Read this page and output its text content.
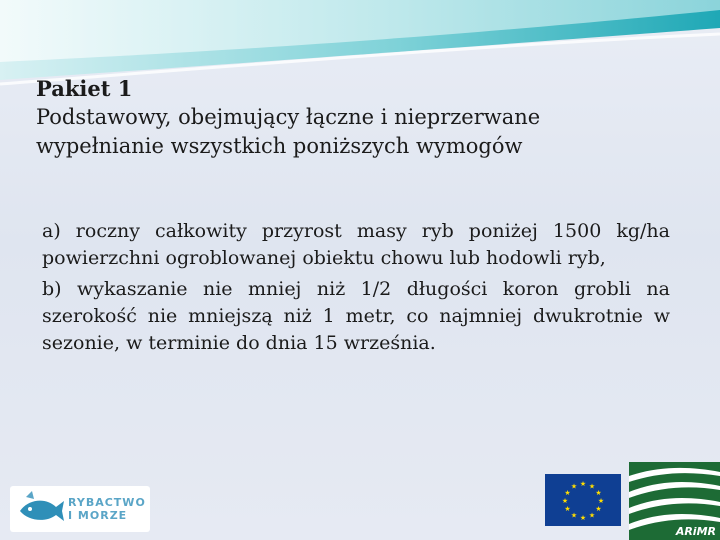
Pakiet 1
Podstawowy, obejmujący łączne i nieprzerwane
wypełnianie wszystkich poniższych wymogów

a) roczny całkowity przyrost masy ryb poniżej 1500 kg/ha powierzchni ogroblowanej obiektu chowu lub hodowli ryb,

b) wykaszanie nie mniej niż 1/2 długości koron grobli na szerokość nie mniejszą niż 1 metr, co najmniej dwukrotnie w sezonie, w terminie do dnia 15 września.

RYBACTWO
I MORZE
★ ★
★
★
★
★
★
★
★
★
★
★
ARiMR
